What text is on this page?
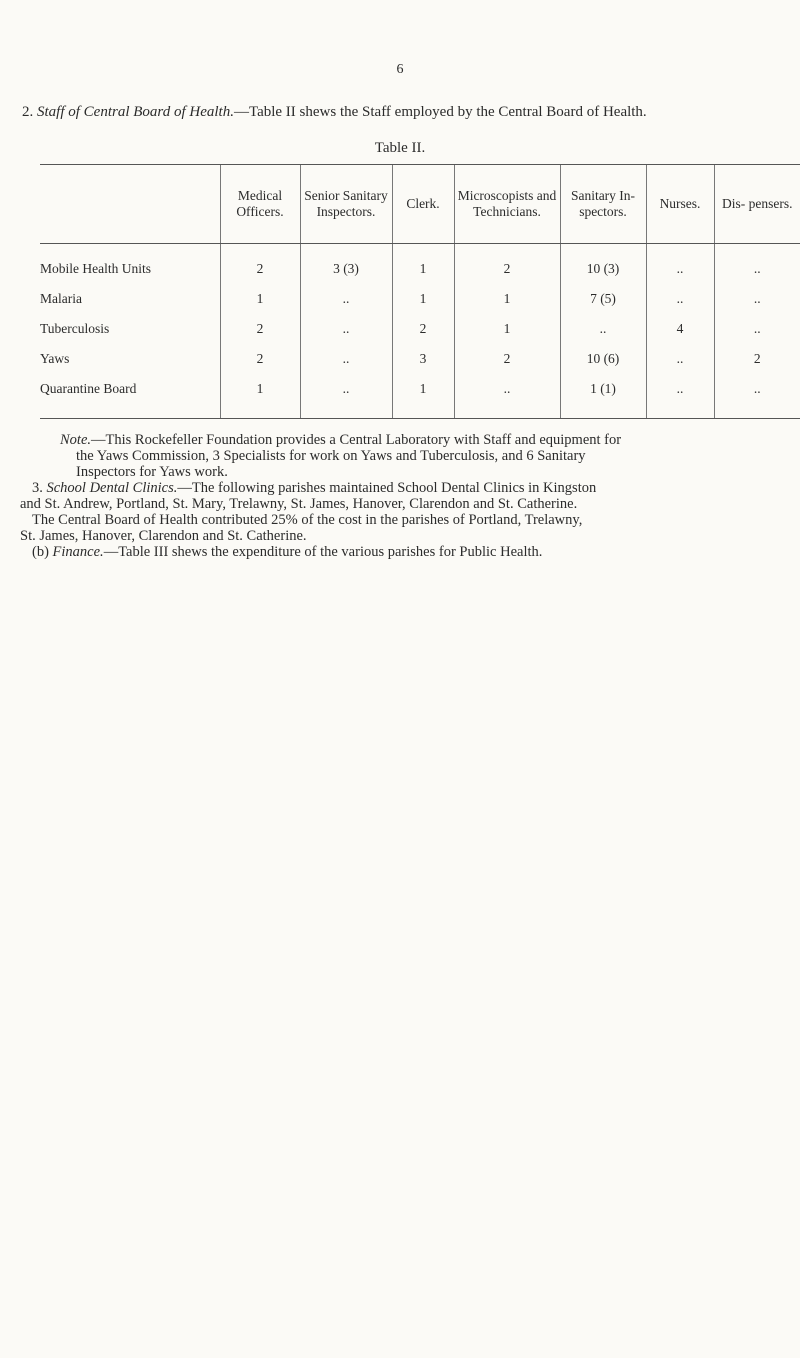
6
2. Staff of Central Board of Health.—Table II shews the Staff employed by the Central Board of Health.
Table II.
	Medical Officers.	Senior Sanitary Inspectors.	Clerk.	Microscopists and Technicians.	Sanitary In- spectors.	Nurses.	Dis- pensers.

Mobile Health Units	2	3 (3)	1	2	10 (3)	..	..
Malaria	1	..	1	1	7 (5)	..	..
Tuberculosis	2	..	2	1	..	4	..
Yaws	2	..	3	2	10 (6)	..	2
Quarantine Board	1	..	1	..	1 (1)	..	..

Note.—This Rockefeller Foundation provides a Central Laboratory with Staff and equipment for

the Yaws Commission, 3 Specialists for work on Yaws and Tuberculosis, and 6 Sanitary

Inspectors for Yaws work.

3. School Dental Clinics.—The following parishes maintained School Dental Clinics in Kingston

and St. Andrew, Portland, St. Mary, Trelawny, St. James, Hanover, Clarendon and St. Catherine.

The Central Board of Health contributed 25% of the cost in the parishes of Portland, Trelawny,

St. James, Hanover, Clarendon and St. Catherine.

(b) Finance.—Table III shews the expenditure of the various parishes for Public Health.
